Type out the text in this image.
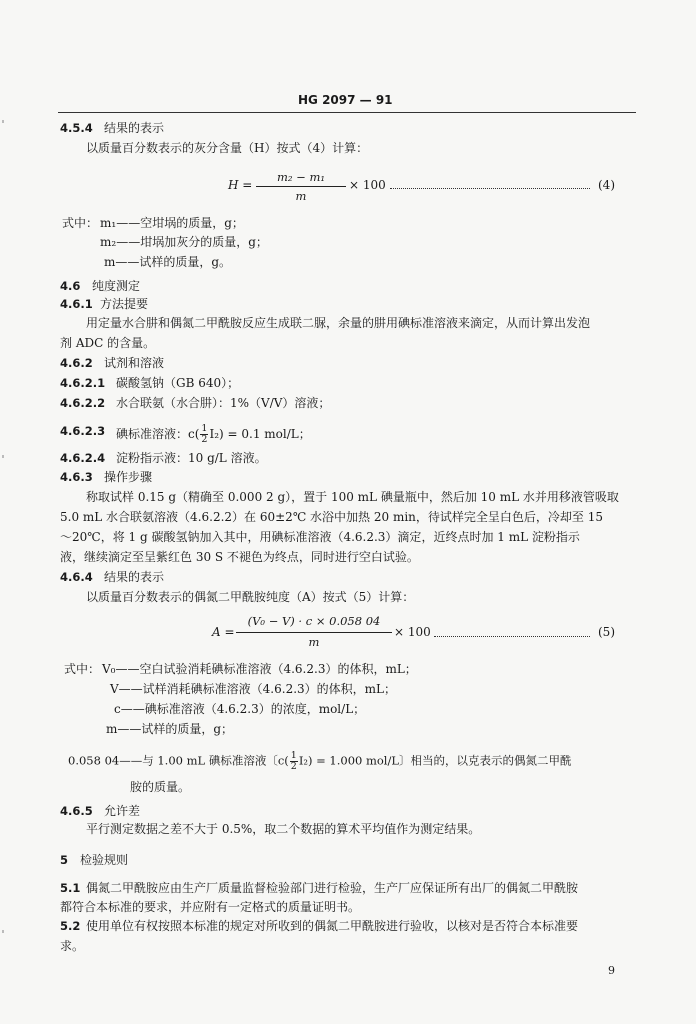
HG 2097 — 91
4.5.4 结果的表示
以质量百分数表示的灰分含量（H）按式（4）计算：
H =
m₂ − m₁
m
× 100	(4)
式中： m₁——空坩埚的质量，g；
m₂——坩埚加灰分的质量，g；
m——试样的质量，g。
4.6 纯度测定
4.6.1 方法提要
用定量水合肼和偶氮二甲酰胺反应生成联二脲，余量的肼用碘标准溶液来滴定，从而计算出发泡
剂 ADC 的含量。
4.6.2 试剂和溶液
4.6.2.1 碳酸氢钠（GB 640）；
4.6.2.2 水合联氨（水合肼）：1%（V/V）溶液；
4.6.2.3 碘标准溶液：$c( \frac{1}{2} I_2) = 0.1$ mol/L；
4.6.2.4 淀粉指示液：10 g/L 溶液。
4.6.3 操作步骤
称取试样 0.15 g（精确至 0.000 2 g），置于 100 mL 碘量瓶中，然后加 10 mL 水并用移液管吸取
5.0 mL 水合联氨溶液（4.6.2.2）在 60±2℃ 水浴中加热 20 min，待试样完全呈白色后，冷却至 15
～20℃，将 1 g 碳酸氢钠加入其中，用碘标准溶液（4.6.2.3）滴定，近终点时加 1 mL 淀粉指示
液，继续滴定至呈紫红色 30 S 不褪色为终点，同时进行空白试验。
4.6.4 结果的表示
以质量百分数表示的偶氮二甲酰胺纯度（A）按式（5）计算：
A =
(V₀ − V) · c × 0.058 04
m
× 100	(5)
式中： V₀——空白试验消耗碘标准溶液（4.6.2.3）的体积，mL；
V——试样消耗碘标准溶液（4.6.2.3）的体积，mL；
c——碘标准溶液（4.6.2.3）的浓度，mol/L；
m——试样的质量，g；
0.058 04——与 1.00 mL 碘标准溶液〔$c( \frac{1}{2} I_2) = 1.000$ mol/L〕相当的，以克表示的偶氮二甲酰
胺的质量。
4.6.5 允许差
平行测定数据之差不大于 0.5%，取二个数据的算术平均值作为测定结果。
5 检验规则
5.1 偶氮二甲酰胺应由生产厂质量监督检验部门进行检验，生产厂应保证所有出厂的偶氮二甲酰胺
都符合本标准的要求，并应附有一定格式的质量证明书。
5.2 使用单位有权按照本标准的规定对所收到的偶氮二甲酰胺进行验收，以核对是否符合本标准要
求。
9
